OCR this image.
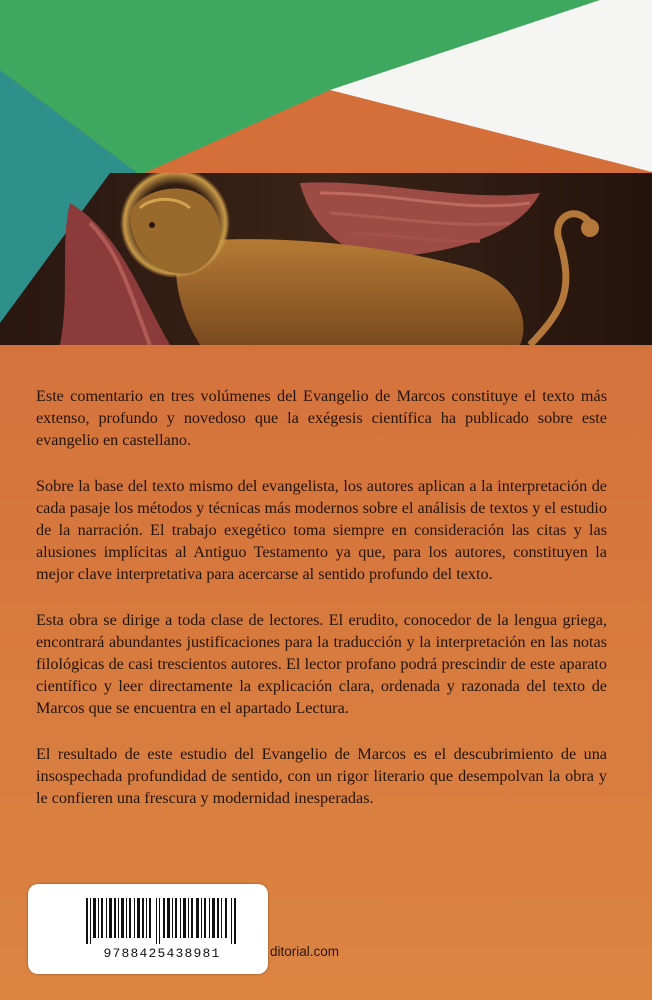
Este comentario en tres volúmenes del Evangelio de Marcos constituye el texto más extenso, profundo y novedoso que la exégesis científica ha publicado sobre este evangelio en castellano.

Sobre la base del texto mismo del evangelista, los autores aplican a la interpretación de cada pasaje los métodos y técnicas más modernos sobre el análisis de textos y el estudio de la narración. El trabajo exegético toma siempre en consideración las citas y las alusiones implícitas al Antiguo Testamento ya que, para los autores, constituyen la mejor clave interpretativa para acercarse al sentido profundo del texto.

Esta obra se dirige a toda clase de lectores. El erudito, conocedor de la lengua griega, encontrará abundantes justificaciones para la traducción y la interpretación en las notas filológicas de casi trescientos autores. El lector profano podrá prescindir de este aparato científico y leer directamente la explicación clara, ordenada y razonada del texto de Marcos que se encuentra en el apartado Lectura.

El resultado de este estudio del Evangelio de Marcos es el descubrimiento de una insospechada profundidad de sentido, con un rigor literario que desempolvan la obra y le confieren una frescura y modernidad inesperadas.

9788425438981	ditorial.com
